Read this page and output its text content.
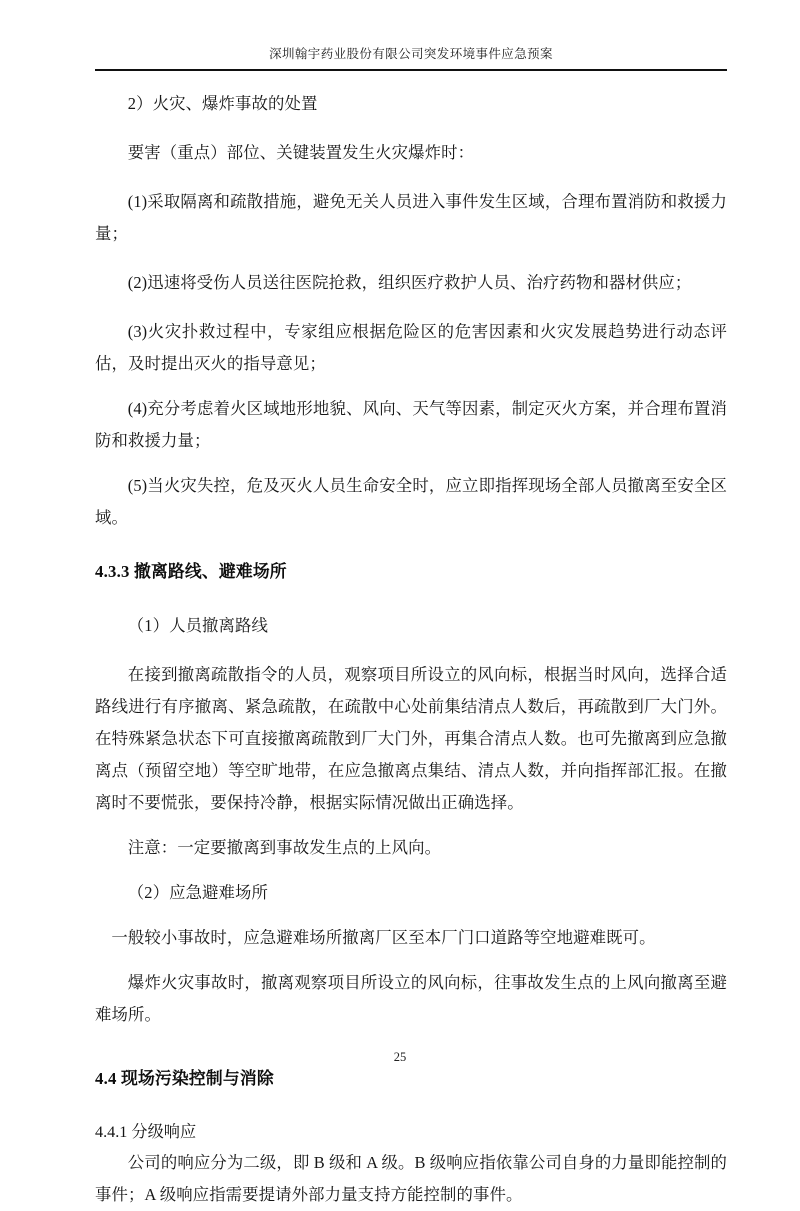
深圳翰宇药业股份有限公司突发环境事件应急预案

2）火灾、爆炸事故的处置

要害（重点）部位、关键装置发生火灾爆炸时：

(1)采取隔离和疏散措施，避免无关人员进入事件发生区域，合理布置消防和救援力量；

(2)迅速将受伤人员送往医院抢救，组织医疗救护人员、治疗药物和器材供应；

(3)火灾扑救过程中，专家组应根据危险区的危害因素和火灾发展趋势进行动态评估，及时提出灭火的指导意见；

(4)充分考虑着火区域地形地貌、风向、天气等因素，制定灭火方案，并合理布置消防和救援力量；

(5)当火灾失控，危及灭火人员生命安全时，应立即指挥现场全部人员撤离至安全区域。

4.3.3 撤离路线、避难场所

（1）人员撤离路线

在接到撤离疏散指令的人员，观察项目所设立的风向标，根据当时风向，选择合适路线进行有序撤离、紧急疏散，在疏散中心处前集结清点人数后，再疏散到厂大门外。在特殊紧急状态下可直接撤离疏散到厂大门外，再集合清点人数。也可先撤离到应急撤离点（预留空地）等空旷地带，在应急撤离点集结、清点人数，并向指挥部汇报。在撤离时不要慌张，要保持冷静，根据实际情况做出正确选择。

注意：一定要撤离到事故发生点的上风向。

（2）应急避难场所

一般较小事故时，应急避难场所撤离厂区至本厂门口道路等空地避难既可。

爆炸火灾事故时，撤离观察项目所设立的风向标，往事故发生点的上风向撤离至避难场所。

4.4 现场污染控制与消除
4.4.1 分级响应

公司的响应分为二级，即 B 级和 A 级。B 级响应指依靠公司自身的力量即能控制的事件；A 级响应指需要提请外部力量支持方能控制的事件。

25
